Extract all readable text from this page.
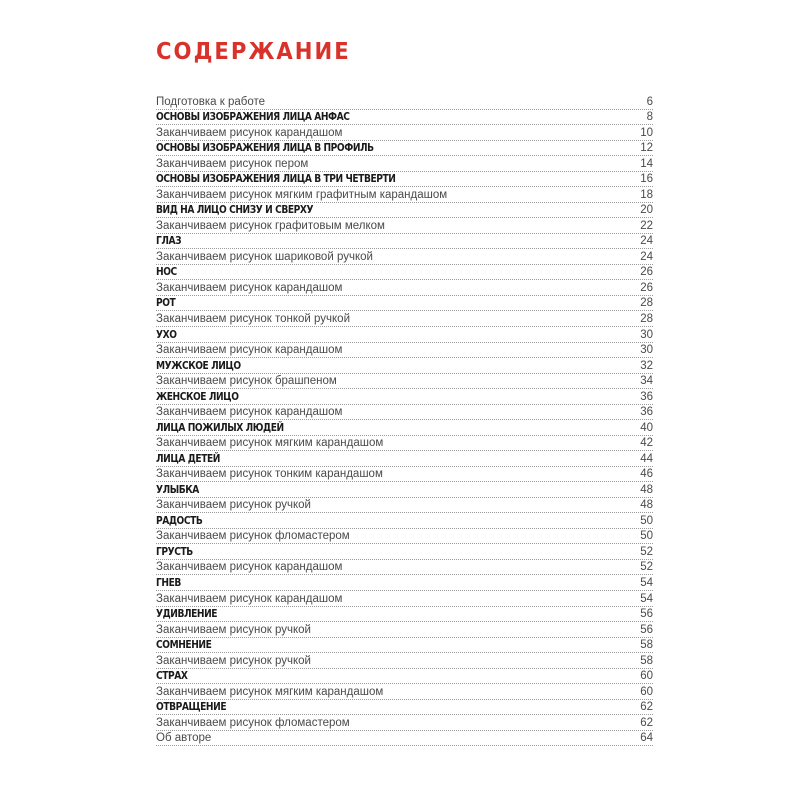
СОДЕРЖАНИЕ
Подготовка к работе	6
ОСНОВЫ ИЗОБРАЖЕНИЯ ЛИЦА АНФАС	8
Заканчиваем рисунок карандашом	10
ОСНОВЫ ИЗОБРАЖЕНИЯ ЛИЦА В ПРОФИЛЬ	12
Заканчиваем рисунок пером	14
ОСНОВЫ ИЗОБРАЖЕНИЯ ЛИЦА В ТРИ ЧЕТВЕРТИ	16
Заканчиваем рисунок мягким графитным карандашом	18
ВИД НА ЛИЦО СНИЗУ И СВЕРХУ	20
Заканчиваем рисунок графитовым мелком	22
ГЛАЗ	24
Заканчиваем рисунок шариковой ручкой	24
НОС	26
Заканчиваем рисунок карандашом	26
РОТ	28
Заканчиваем рисунок тонкой ручкой	28
УХО	30
Заканчиваем рисунок карандашом	30
МУЖСКОЕ ЛИЦО	32
Заканчиваем рисунок брашпеном	34
ЖЕНСКОЕ ЛИЦО	36
Заканчиваем рисунок карандашом	36
ЛИЦА ПОЖИЛЫХ ЛЮДЕЙ	40
Заканчиваем рисунок мягким карандашом	42
ЛИЦА ДЕТЕЙ	44
Заканчиваем рисунок тонким карандашом	46
УЛЫБКА	48
Заканчиваем рисунок ручкой	48
РАДОСТЬ	50
Заканчиваем рисунок фломастером	50
ГРУСТЬ	52
Заканчиваем рисунок карандашом	52
ГНЕВ	54
Заканчиваем рисунок карандашом	54
УДИВЛЕНИЕ	56
Заканчиваем рисунок ручкой	56
СОМНЕНИЕ	58
Заканчиваем рисунок ручкой	58
СТРАХ	60
Заканчиваем рисунок мягким карандашом	60
ОТВРАЩЕНИЕ	62
Заканчиваем рисунок фломастером	62
Об авторе	64
